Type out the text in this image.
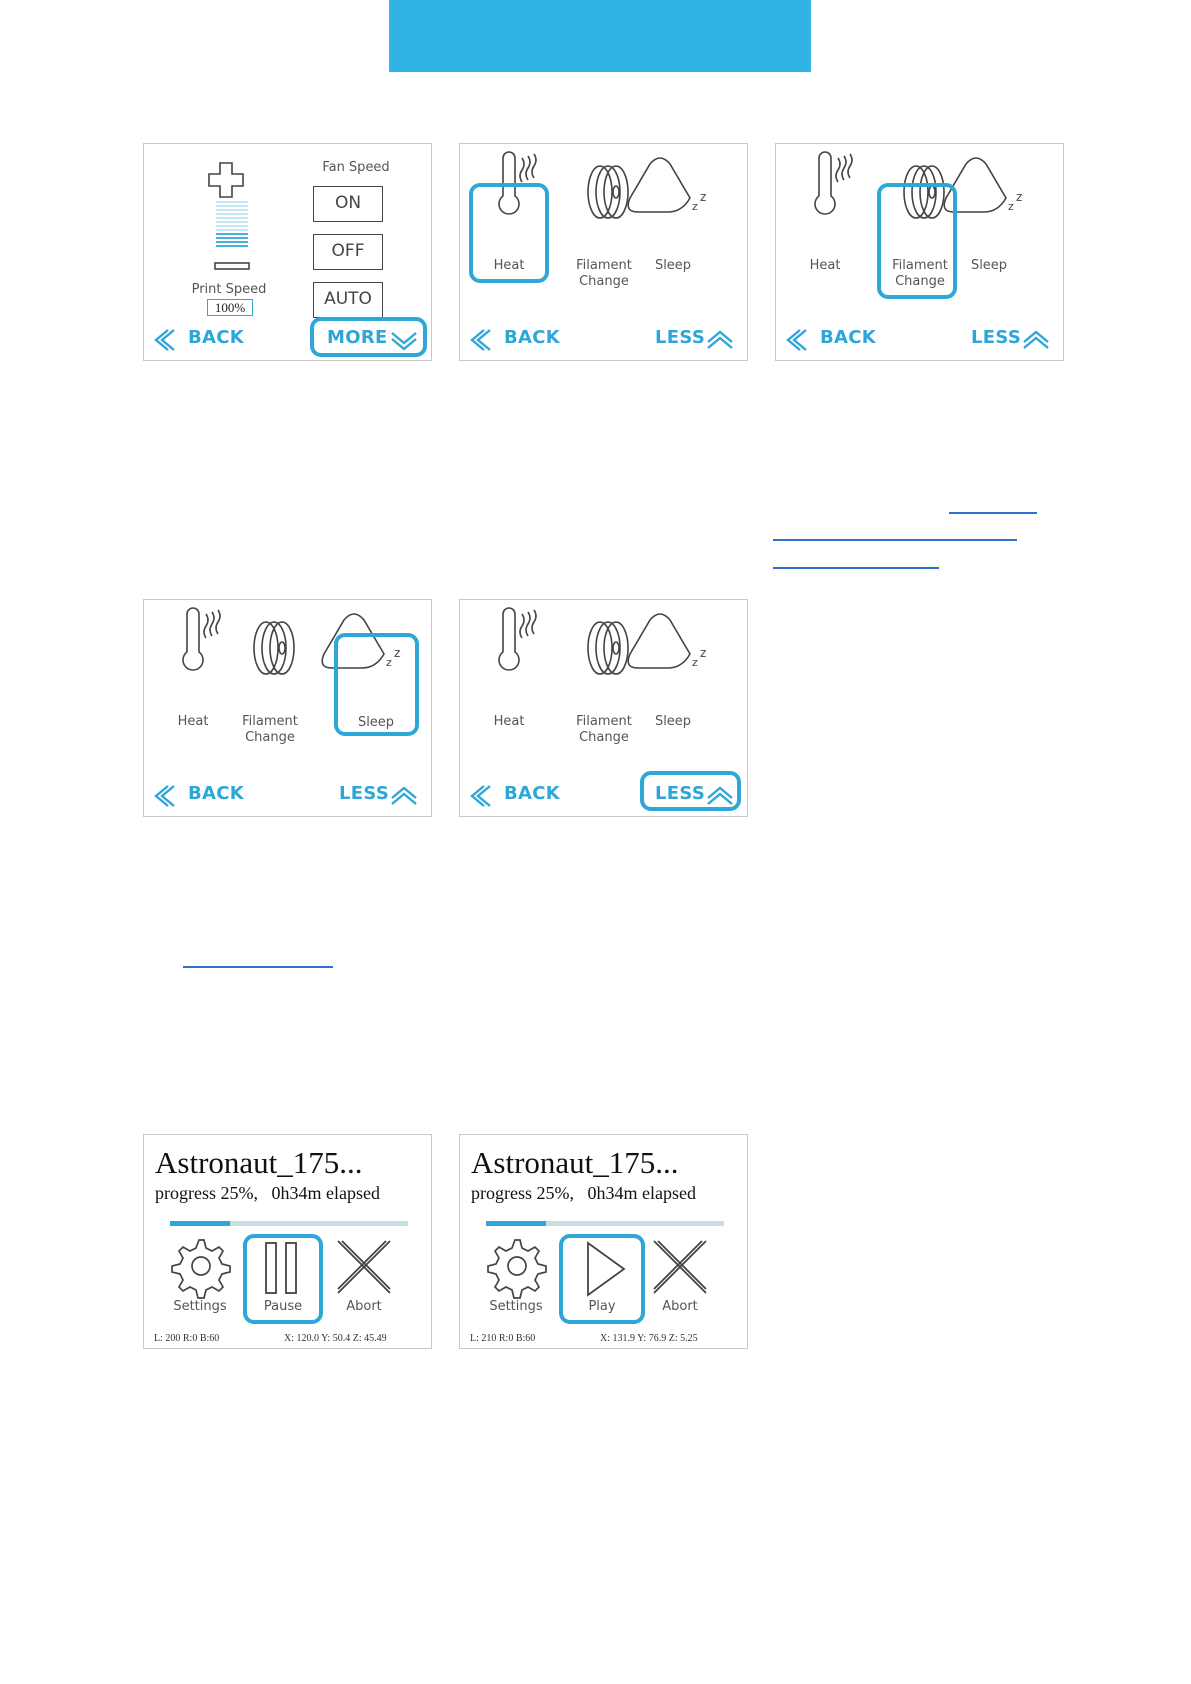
Fan Speed
ON
OFF
AUTO
Print Speed
100%
BACK	MORE
z
z
Heat	Filament
Change
Sleep
BACK	LESS
z
z
Heat	Filament
Change
Sleep
BACK	LESS
z
z
Heat	Filament
Change
Sleep
BACK	LESS
z
z
Heat	Filament
Change
Sleep
BACK	LESS
Astronaut_175...
progress 25%,   0h34m elapsed
Settings	Pause	Abort
L: 200 R:0 B:60	X: 120.0 Y: 50.4 Z: 45.49
Astronaut_175...
progress 25%,   0h34m elapsed
Settings	Play	Abort
L: 210 R:0 B:60	X: 131.9 Y: 76.9 Z: 5.25
